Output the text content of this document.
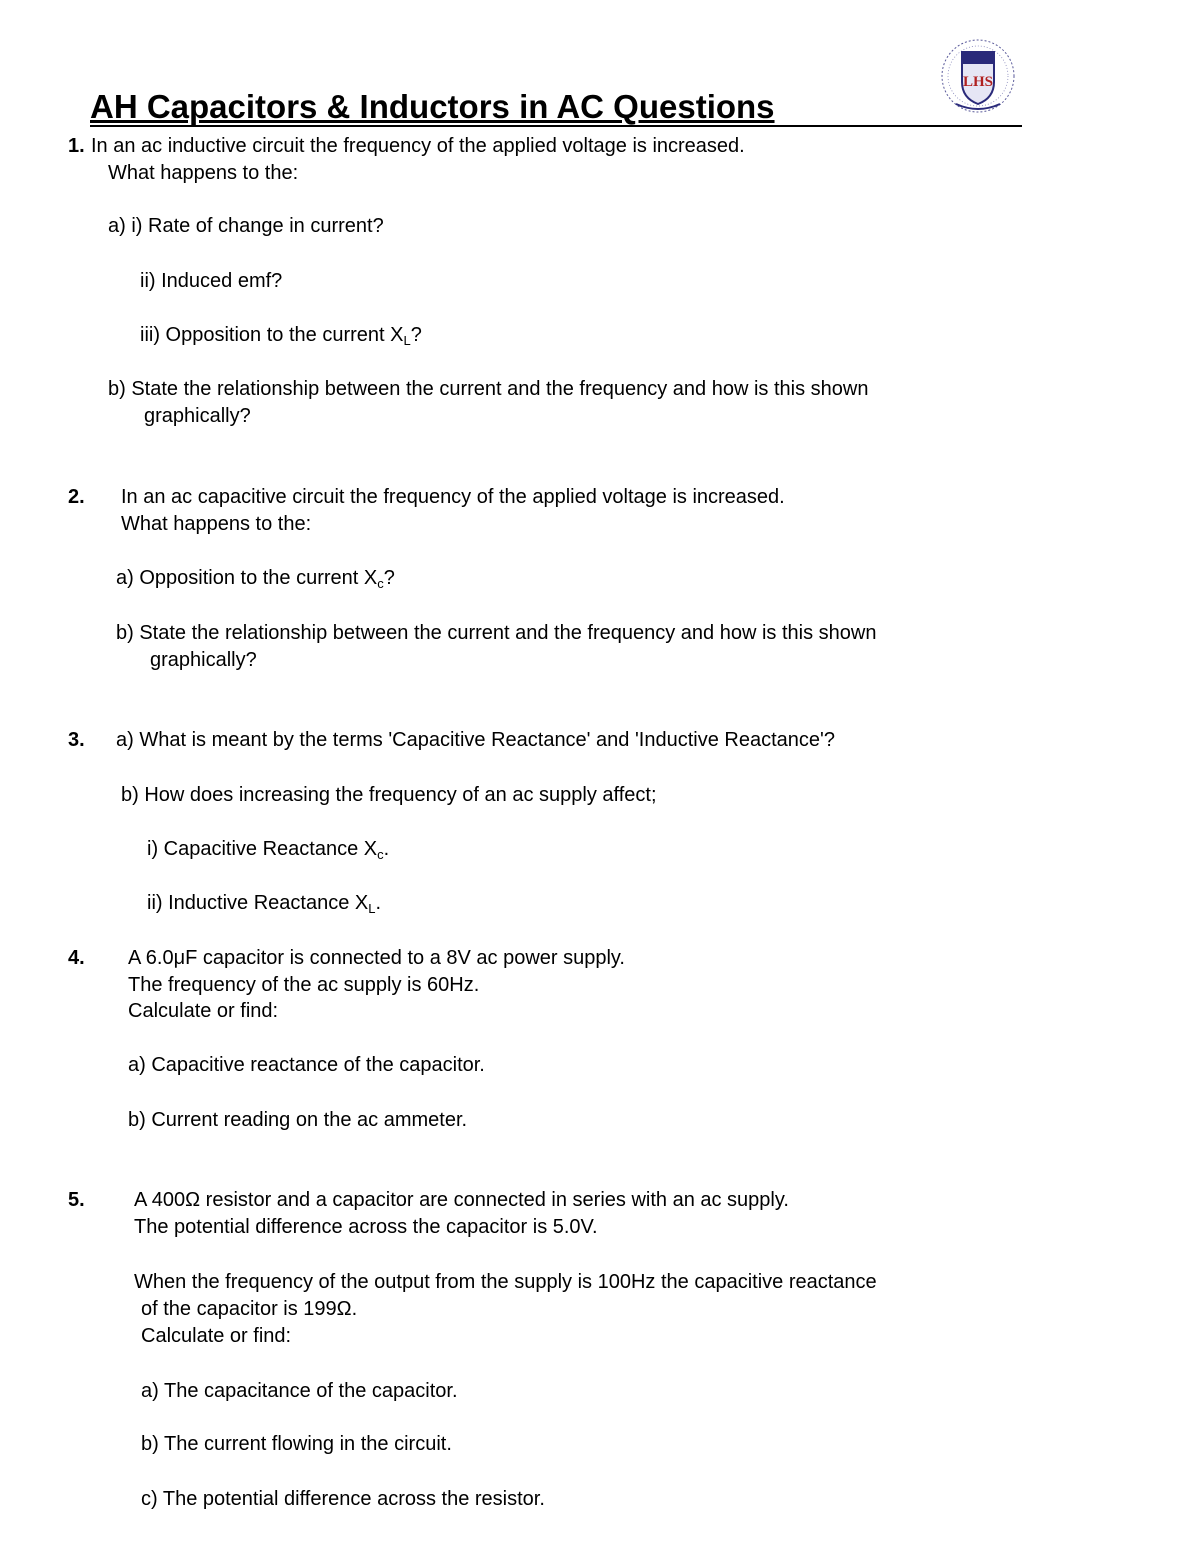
AH Capacitors & Inductors in AC Questions
LHS
1. In an ac inductive circuit the frequency of the applied voltage is increased.
What happens to the:
a) i) Rate of change in current?
ii) Induced emf?
iii) Opposition to the current $X_L$?
b) State the relationship between the current and the frequency and how is this shown
graphically?
2. In an ac capacitive circuit the frequency of the applied voltage is increased.
What happens to the:
a) Opposition to the current $X_c$?
b) State the relationship between the current and the frequency and how is this shown
graphically?
3. a) What is meant by the terms 'Capacitive Reactance' and 'Inductive Reactance'?
b) How does increasing the frequency of an ac supply affect;
i) Capacitive Reactance $X_c$.
ii) Inductive Reactance $X_L$.
4. A 6.0μF capacitor is connected to a 8V ac power supply.
The frequency of the ac supply is 60Hz.
Calculate or find:
a) Capacitive reactance of the capacitor.
b) Current reading on the ac ammeter.
5. A 400Ω resistor and a capacitor are connected in series with an ac supply.
The potential difference across the capacitor is 5.0V.
When the frequency of the output from the supply is 100Hz the capacitive reactance
of the capacitor is 199Ω.
Calculate or find:
a) The capacitance of the capacitor.
b) The current flowing in the circuit.
c) The potential difference across the resistor.
